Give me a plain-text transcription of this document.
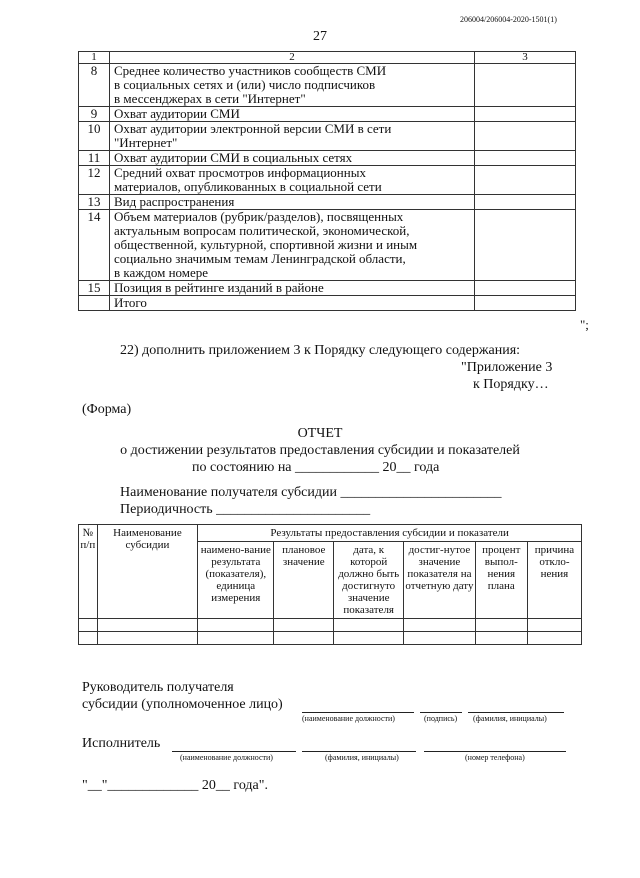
206004/206004-2020-1501(1)
27
1	2	3
8	Среднее количество участников сообществ СМИ
в социальных сетях и (или) число подписчиков
в мессенджерах в сети "Интернет"	

9	Охват аудитории СМИ	

10	Охват аудитории электронной версии СМИ в сети
"Интернет"	

11	Охват аудитории СМИ в социальных сетях	

12	Средний охват просмотров информационных
материалов, опубликованных в социальной сети	

13	Вид распространения	

14	Объем материалов (рубрик/разделов), посвященных
актуальным вопросам политической, экономической,
общественной, культурной, спортивной жизни и иным
социально значимым темам Ленинградской области,
в каждом номере	

15	Позиция в рейтинге изданий в районе	

	Итого	

";
22) дополнить приложением 3 к Порядку следующего содержания:
"Приложение 3
к Порядку…
(Форма)
ОТЧЕТ
о достижении результатов предоставления субсидии и показателей
по состоянию на ____________ 20__ года
Наименование получателя субсидии _______________________
Периодичность ______________________
№ п/п	Наименование субсидии	Результаты предоставления субсидии и показатели					
		наимено-вание результата (показателя), единица измерения	плановое значение	дата, к которой должно быть достигнуто значение показателя	достиг-нутое значение показателя на отчетную дату	процент выпол-нения плана	причина откло-нения

Руководитель получателя
субсидии (уполномоченное лицо)
(наименование должности)	(подпись) (фамилия, инициалы)
Исполнитель
(наименование должности)	(фамилия, инициалы)	(номер телефона)
"__"_____________ 20__ года".
